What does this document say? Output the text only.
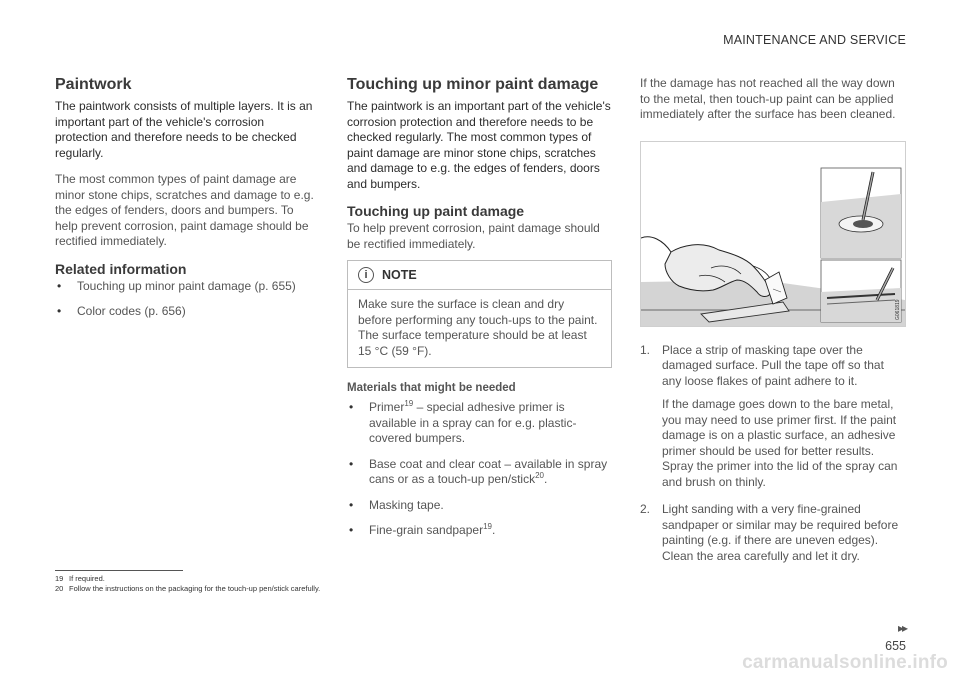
MAINTENANCE AND SERVICE
Paintwork

The paintwork consists of multiple layers. It is an important part of the vehicle's corrosion protection and therefore needs to be checked regularly.

The most common types of paint damage are minor stone chips, scratches and damage to e.g. the edges of fenders, doors and bumpers. To help prevent corrosion, paint damage should be rectified immediately.

Related information
• Touching up minor paint damage (p. 655)
• Color codes (p. 656)
Touching up minor paint damage

The paintwork is an important part of the vehicle's corrosion protection and therefore needs to be checked regularly. The most common types of paint damage are minor stone chips, scratches and damage to e.g. the edges of fenders, doors and bumpers.

Touching up paint damage

To help prevent corrosion, paint damage should be rectified immediately.

i	NOTE
Make sure the surface is clean and dry before performing any touch-ups to the paint. The surface temperature should be at least 15 °C (59 °F).
Materials that might be needed
• Primer$^{19}$ – special adhesive primer is available in a spray can for e.g. plastic-covered bumpers.
• Base coat and clear coat – available in spray cans or as a touch-up pen/stick$^{20}$.
• Masking tape.
• Fine-grain sandpaper$^{19}$.

If the damage has not reached all the way down to the metal, then touch-up paint can be applied immediately after the surface has been cleaned.

G061819
1. Place a strip of masking tape over the damaged surface. Pull the tape off so that any loose flakes of paint adhere to it.

If the damage goes down to the bare metal, you may need to use primer first. If the paint damage is on a plastic surface, an adhesive primer should be used for better results. Spray the primer into the lid of the spray can and brush on thinly.

2. Light sanding with a very fine-grained sandpaper or similar may be required before painting (e.g. if there are uneven edges). Clean the area carefully and let it dry.

19 If required.
20 Follow the instructions on the packaging for the touch-up pen/stick carefully.
▸▸
655
carmanualsonline.info
